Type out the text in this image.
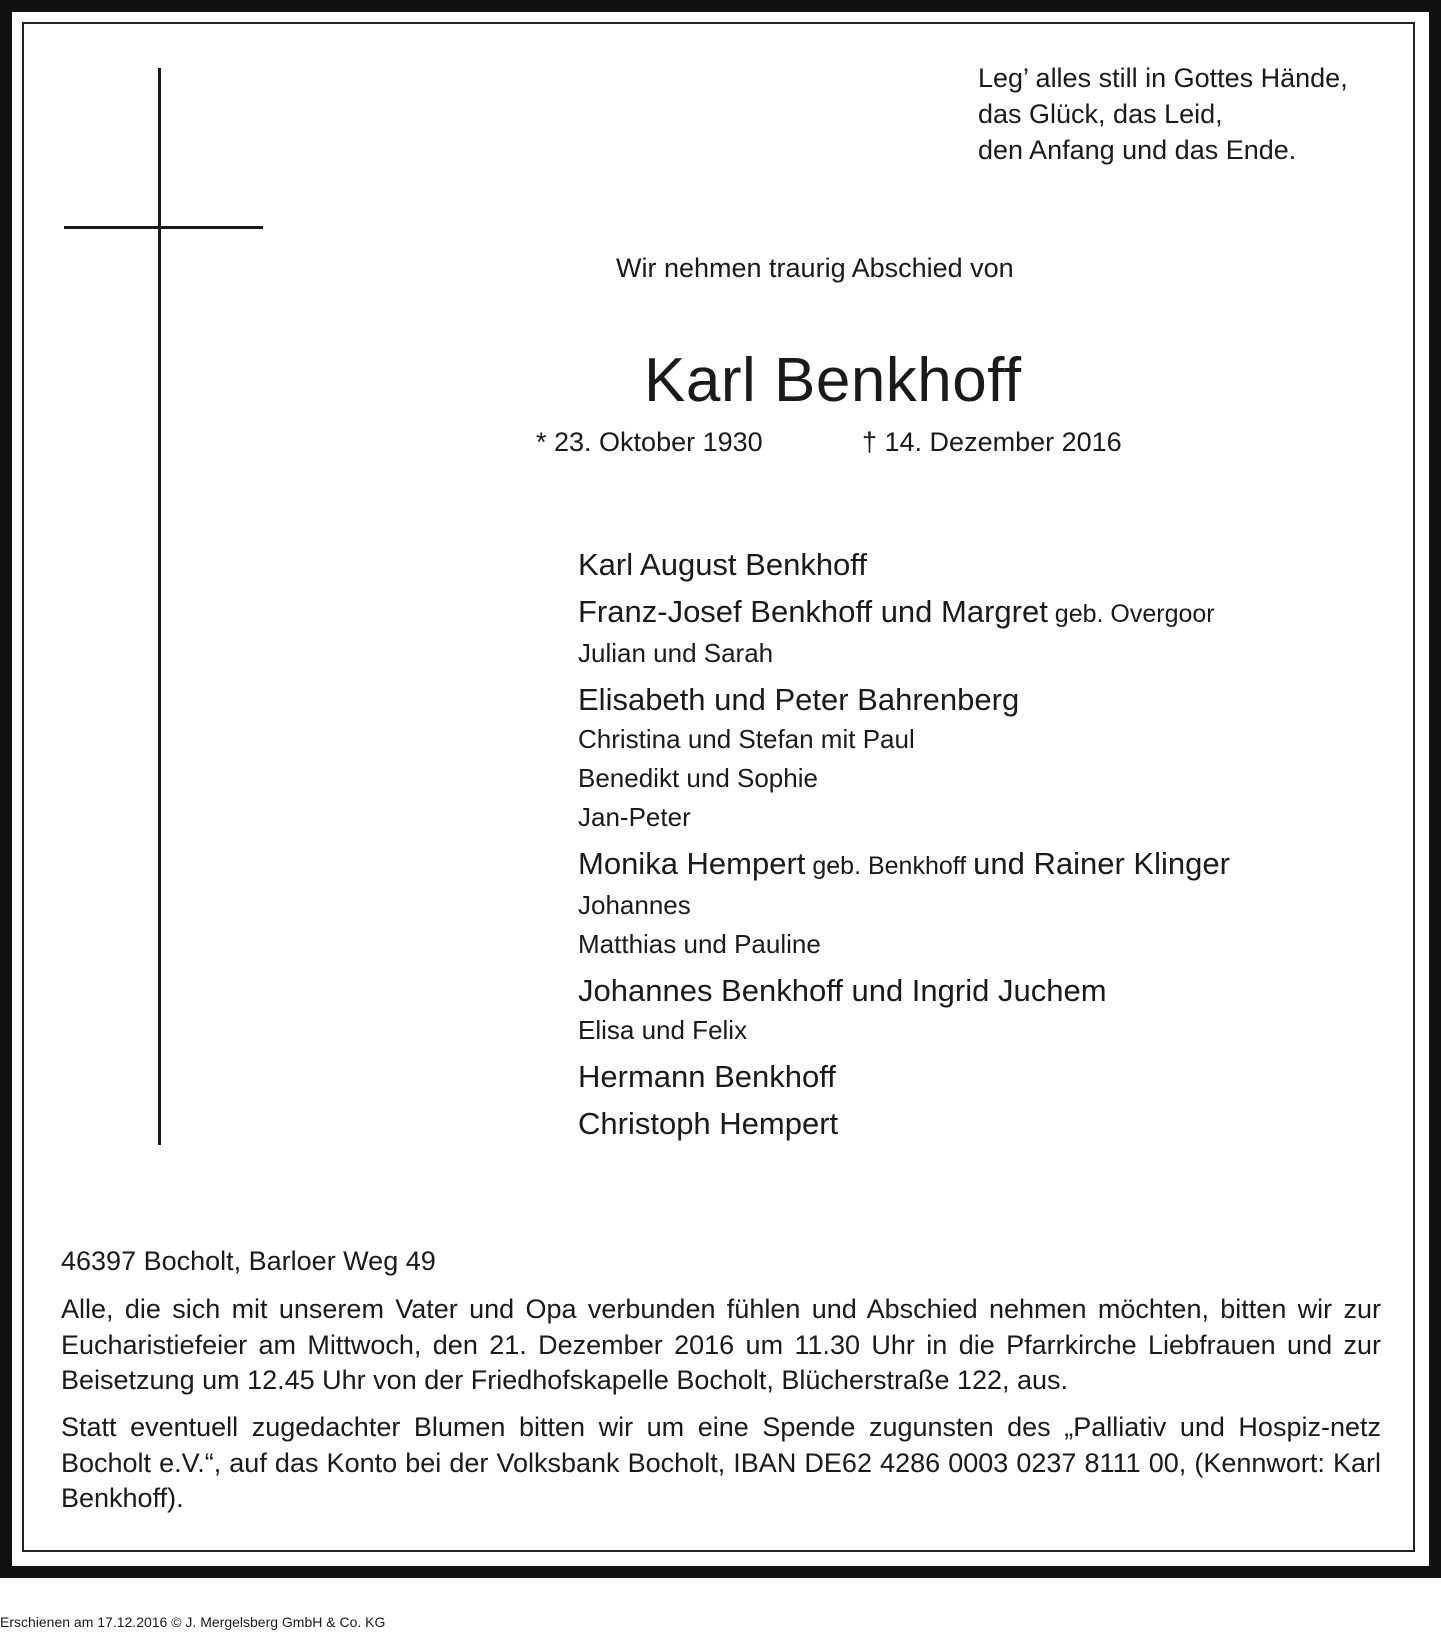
Leg’ alles still in Gottes Hände,
das Glück, das Leid,
den Anfang und das Ende.
Wir nehmen traurig Abschied von
Karl Benkhoff
* 23. Oktober 1930	† 14. Dezember 2016
Karl August Benkhoff
Franz-Josef Benkhoff und Margret geb. Overgoor
Julian und Sarah
Elisabeth und Peter Bahrenberg
Christina und Stefan mit Paul
Benedikt und Sophie
Jan-Peter
Monika Hempert geb. Benkhoff und Rainer Klinger
Johannes
Matthias und Pauline
Johannes Benkhoff und Ingrid Juchem
Elisa und Felix
Hermann Benkhoff
Christoph Hempert
46397 Bocholt, Barloer Weg 49
Alle, die sich mit unserem Vater und Opa verbunden fühlen und Abschied nehmen möchten, bitten wir zur Eucharistiefeier am Mittwoch, den 21. Dezember 2016 um 11.30 Uhr in die Pfarrkirche Liebfrauen und zur Beisetzung um 12.45 Uhr von der Friedhofskapelle Bocholt, Blücherstraße 122, aus.
Statt eventuell zugedachter Blumen bitten wir um eine Spende zugunsten des „Palliativ und Hospiz-netz Bocholt e.V.“, auf das Konto bei der Volksbank Bocholt, IBAN DE62 4286 0003 0237 8111 00, (Kennwort: Karl Benkhoff).
Erschienen am 17.12.2016 © J. Mergelsberg GmbH & Co. KG
